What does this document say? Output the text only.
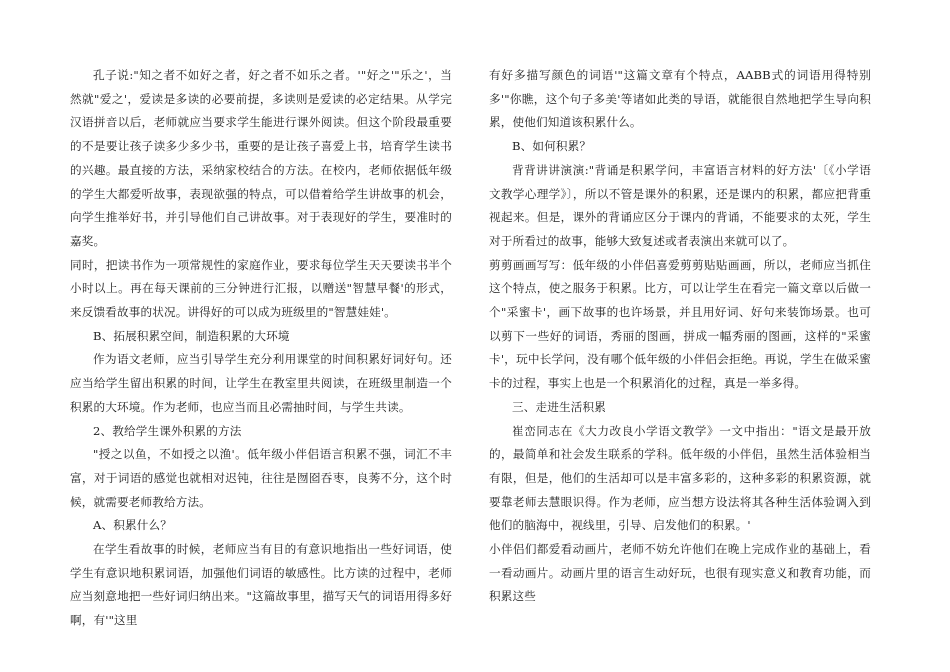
孔子说:"知之者不如好之者，好之者不如乐之者。'"好之'"乐之'，当然就"爱之'，爱读是多读的必要前提，多读则是爱读的必定结果。从学完汉语拼音以后，老师就应当要求学生能进行课外阅读。但这个阶段最重要的不是要让孩子读多少多少书，重要的是让孩子喜爱上书，培育学生读书的兴趣。最直接的方法，采纳家校结合的方法。在校内，老师依据低年级的学生大都爱听故事，表现欲强的特点，可以借着给学生讲故事的机会，向学生推举好书，并引导他们自己讲故事。对于表现好的学生，要准时的嘉奖。

同时，把读书作为一项常规性的家庭作业，要求每位学生天天要读书半个小时以上。再在每天课前的三分钟进行汇报，以赠送"智慧早餐'的形式，来反馈看故事的状况。讲得好的可以成为班级里的"智慧娃娃'。

B、拓展积累空间，制造积累的大环境

作为语文老师，应当引导学生充分利用课堂的时间积累好词好句。还应当给学生留出积累的时间，让学生在教室里共阅读，在班级里制造一个积累的大环境。作为老师，也应当而且必需抽时间，与学生共读。

2、教给学生课外积累的方法

"授之以鱼，不如授之以渔'。低年级小伴侣语言积累不强，词汇不丰富，对于词语的感觉也就相对迟钝，往往是囫囵吞枣，良莠不分，这个时候，就需要老师教给方法。

A、积累什么？

在学生看故事的时候，老师应当有目的有意识地指出一些好词语，使学生有意识地积累词语，加强他们词语的敏感性。比方读的过程中，老师应当刻意地把一些好词归纳出来。"这篇故事里，描写天气的词语用得多好啊，有'"这里

有好多描写颜色的词语'"这篇文章有个特点，AABB式的词语用得特别多'"你瞧，这个句子多美'等诸如此类的导语，就能很自然地把学生导向积累，使他们知道该积累什么。

B、如何积累？

背背讲讲演演:"背诵是积累学问，丰富语言材料的好方法'〔《小学语文教学心理学》〕，所以不管是课外的积累，还是课内的积累，都应把背重视起来。但是，课外的背诵应区分于课内的背诵，不能要求的太死，学生对于所看过的故事，能够大致复述或者表演出来就可以了。

剪剪画画写写：低年级的小伴侣喜爱剪剪贴贴画画，所以，老师应当抓住这个特点，使之服务于积累。比方，可以让学生在看完一篇文章以后做一个"采蜜卡'，画下故事的也许场景，并且用好词、好句来装饰场景。也可以剪下一些好的词语，秀丽的图画，拼成一幅秀丽的图画，这样的"采蜜卡'，玩中长学问，没有哪个低年级的小伴侣会拒绝。再说，学生在做采蜜卡的过程，事实上也是一个积累消化的过程，真是一举多得。

三、走进生活积累

崔峦同志在《大力改良小学语文教学》一文中指出："语文是最开放的，最简单和社会发生联系的学科。低年级的小伴侣，虽然生活体验相当有限，但是，他们的生活却可以是丰富多彩的，这种多彩的积累资源，就要靠老师去慧眼识得。作为老师，应当想方设法将其各种生活体验调入到他们的脑海中，视线里，引导、启发他们的积累。'

小伴侣们都爱看动画片，老师不妨允许他们在晚上完成作业的基础上，看一看动画片。动画片里的语言生动好玩，也很有现实意义和教育功能，而积累这些
